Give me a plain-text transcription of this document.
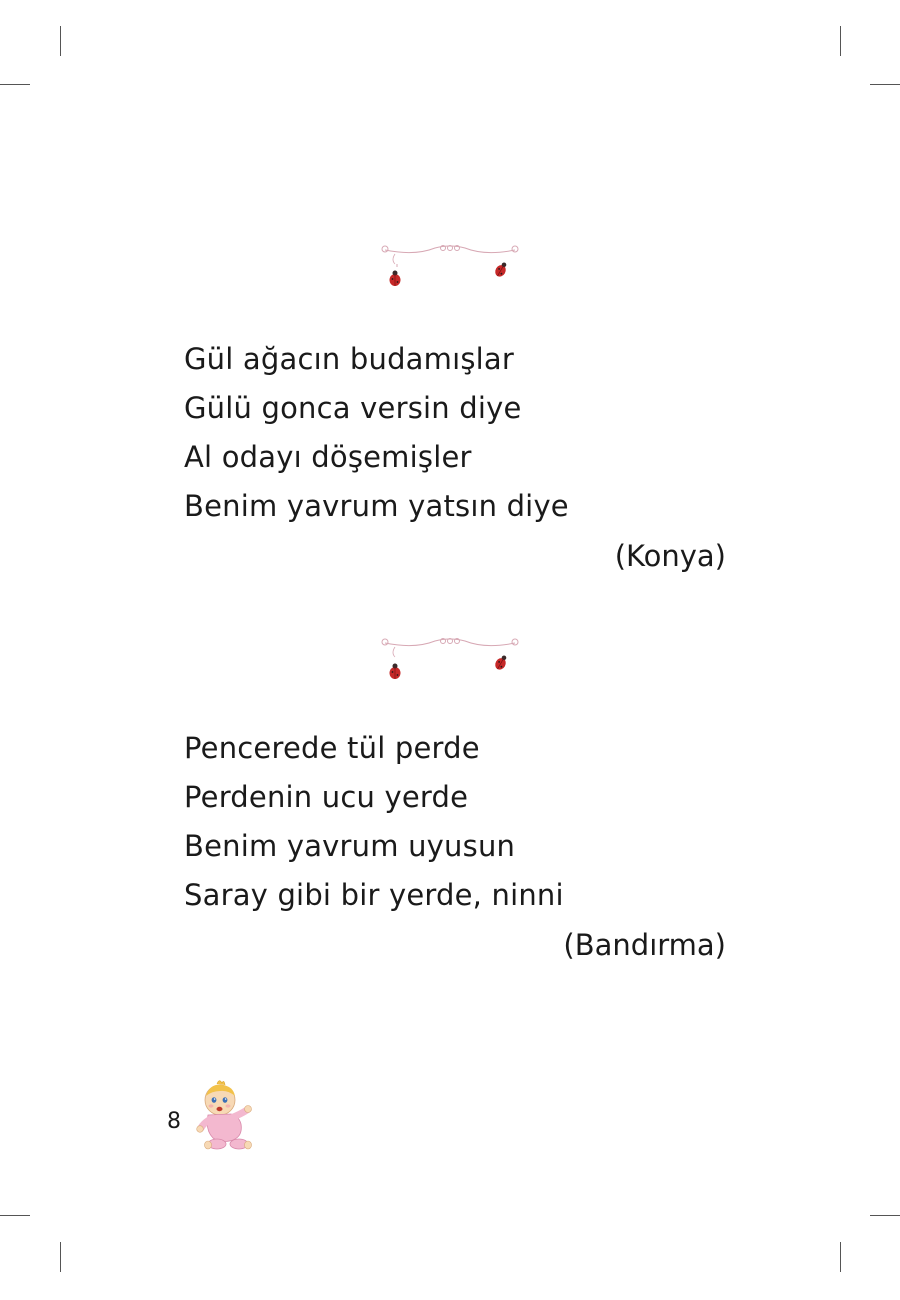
Gül ağacın budamışlar
Gülü gonca versin diye
Al odayı döşemişler
Benim yavrum yatsın diye
(Konya)
Pencerede tül perde
Perdenin ucu yerde
Benim yavrum uyusun
Saray gibi bir yerde, ninni
(Bandırma)
8
